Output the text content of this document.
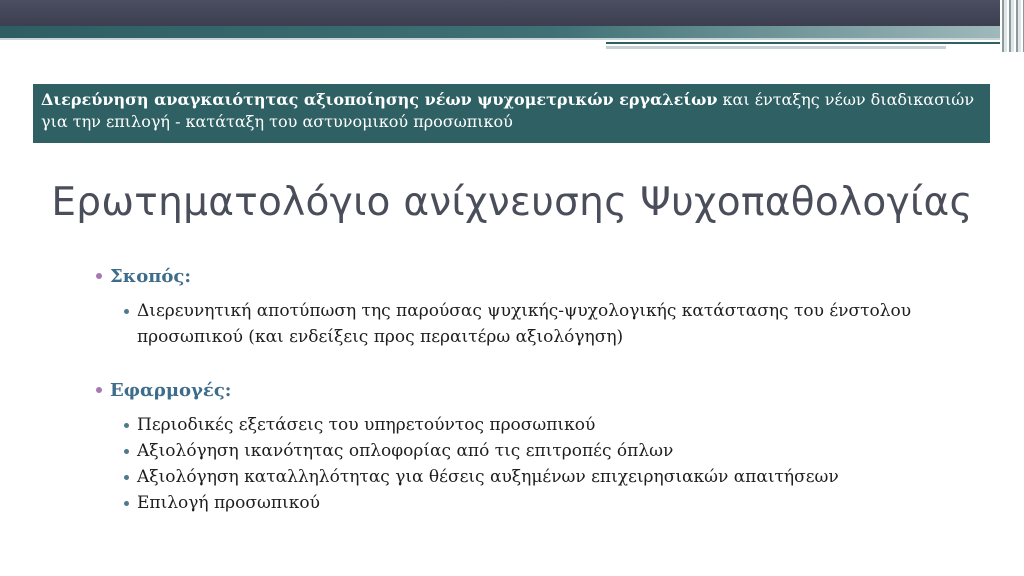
Διερεύνηση αναγκαιότητας αξιοποίησης νέων ψυχομετρικών εργαλείων και ένταξης νέων διαδικασιών για την επιλογή - κατάταξη του αστυνομικού προσωπικού
Ερωτηματολόγιο ανίχνευσης Ψυχοπαθολογίας
Σκοπός:
Διερευνητική αποτύπωση της παρούσας ψυχικής-ψυχολογικής κατάστασης του ένστολου προσωπικού (και ενδείξεις προς περαιτέρω αξιολόγηση)
Εφαρμογές:
Περιοδικές εξετάσεις του υπηρετούντος προσωπικού
Αξιολόγηση ικανότητας οπλοφορίας από τις επιτροπές όπλων
Αξιολόγηση καταλληλότητας για θέσεις αυξημένων επιχειρησιακών απαιτήσεων
Επιλογή προσωπικού
